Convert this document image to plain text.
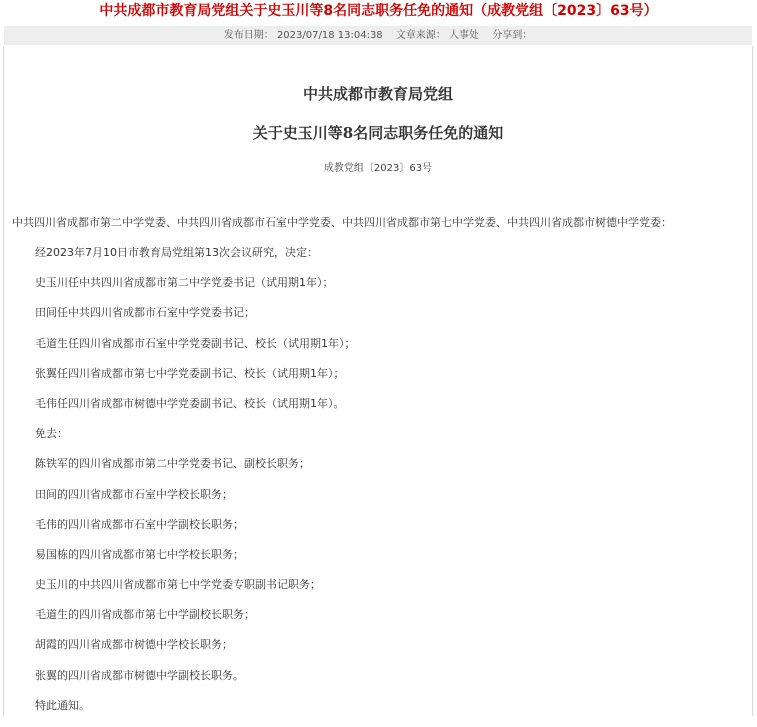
中共成都市教育局党组关于史玉川等8名同志职务任免的通知（成教党组〔2023〕63号）
发布日期： 2023/07/18 13:04:38 文章来源： 人事处 分享到：
中共成都市教育局党组
关于史玉川等8名同志职务任免的通知
成教党组〔2023〕63号
中共四川省成都市第二中学党委、中共四川省成都市石室中学党委、中共四川省成都市第七中学党委、中共四川省成都市树德中学党委：
经2023年7月10日市教育局党组第13次会议研究，决定：
史玉川任中共四川省成都市第二中学党委书记（试用期1年）；
田间任中共四川省成都市石室中学党委书记；
毛道生任四川省成都市石室中学党委副书记、校长（试用期1年）；
张翼任四川省成都市第七中学党委副书记、校长（试用期1年）；
毛伟任四川省成都市树德中学党委副书记、校长（试用期1年）。
免去：
陈铁军的四川省成都市第二中学党委书记、副校长职务；
田间的四川省成都市石室中学校长职务；
毛伟的四川省成都市石室中学副校长职务；
易国栋的四川省成都市第七中学校长职务；
史玉川的中共四川省成都市第七中学党委专职副书记职务；
毛道生的四川省成都市第七中学副校长职务；
胡霞的四川省成都市树德中学校长职务；
张翼的四川省成都市树德中学副校长职务。
特此通知。
